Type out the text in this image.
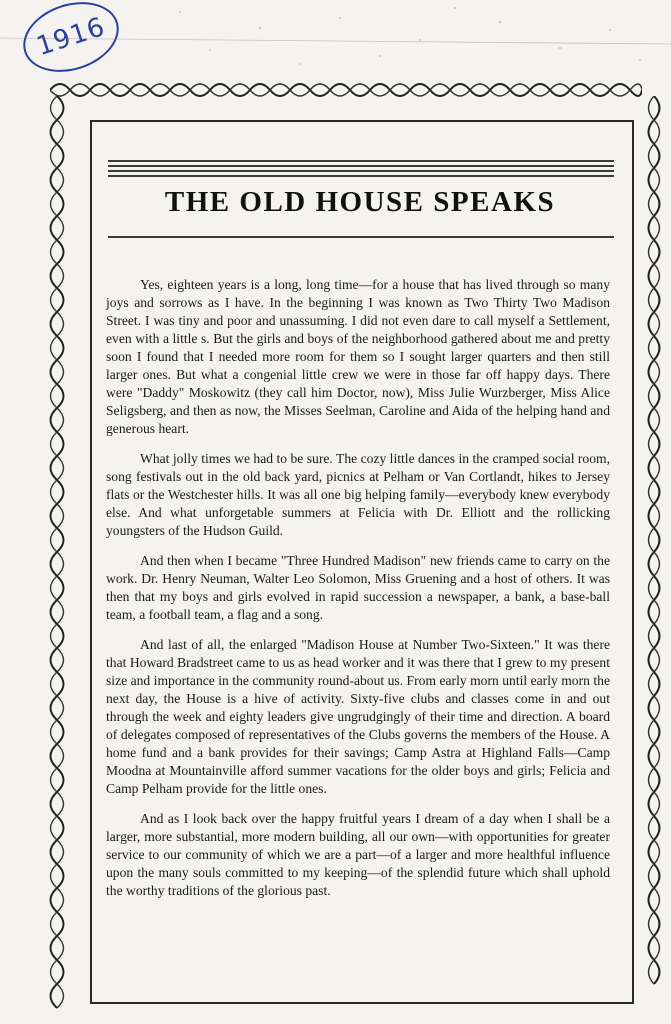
1916
THE OLD HOUSE SPEAKS

Yes, eighteen years is a long, long time—for a house that has lived through so many joys and sorrows as I have. In the beginning I was known as Two Thirty Two Madison Street. I was tiny and poor and unassuming. I did not even dare to call myself a Settlement, even with a little s. But the girls and boys of the neighborhood gathered about me and pretty soon I found that I needed more room for them so I sought larger quarters and then still larger ones. But what a congenial little crew we were in those far off happy days. There were "Daddy" Moskowitz (they call him Doctor, now), Miss Julie Wurzberger, Miss Alice Seligsberg, and then as now, the Misses Seelman, Caroline and Aida of the helping hand and generous heart.

What jolly times we had to be sure. The cozy little dances in the cramped social room, song festivals out in the old back yard, picnics at Pelham or Van Cortlandt, hikes to Jersey flats or the Westchester hills. It was all one big helping family—everybody knew everybody else. And what unforgetable summers at Felicia with Dr. Elliott and the rollicking youngsters of the Hudson Guild.

And then when I became "Three Hundred Madison" new friends came to carry on the work. Dr. Henry Neuman, Walter Leo Solomon, Miss Gruening and a host of others. It was then that my boys and girls evolved in rapid succession a newspaper, a bank, a base-ball team, a football team, a flag and a song.

And last of all, the enlarged "Madison House at Number Two-Sixteen." It was there that Howard Bradstreet came to us as head worker and it was there that I grew to my present size and importance in the community round-about us. From early morn until early morn the next day, the House is a hive of activity. Sixty-five clubs and classes come in and out through the week and eighty leaders give ungrudgingly of their time and direction. A board of delegates composed of representatives of the Clubs governs the members of the House. A home fund and a bank provides for their savings; Camp Astra at Highland Falls—Camp Moodna at Mountainville afford summer vacations for the older boys and girls; Felicia and Camp Pelham provide for the little ones.

And as I look back over the happy fruitful years I dream of a day when I shall be a larger, more substantial, more modern building, all our own—with opportunities for greater service to our community of which we are a part—of a larger and more healthful influence upon the many souls committed to my keeping—of the splendid future which shall uphold the worthy traditions of the glorious past.
